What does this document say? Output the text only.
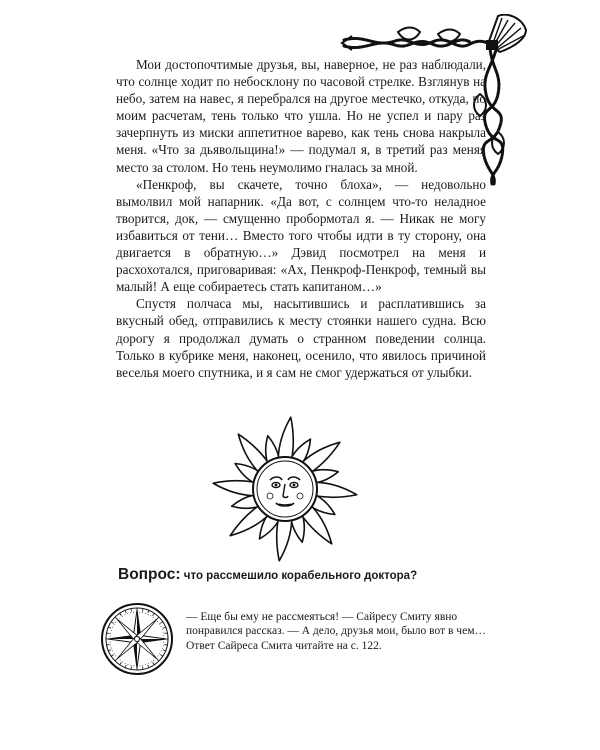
Мои достопочтимые друзья, вы, наверное, не раз наблюдали, что солнце ходит по небосклону по часовой стрелке. Взглянув на небо, затем на навес, я перебрался на другое местечко, откуда, по моим расчетам, тень только что ушла. Но не успел и пару раз зачерпнуть из миски аппетитное варево, как тень снова накрыла меня. «Что за дьявольщина!» — подумал я, в третий раз меняя место за столом. Но тень неумолимо гналась за мной.

«Пенкроф, вы скачете, точно блоха», — недовольно вымолвил мой напарник. «Да вот, с солнцем что-то неладное творится, док, — смущенно пробормотал я. — Никак не могу избавиться от тени… Вместо того чтобы идти в ту сторону, она двигается в обратную…» Дэвид посмотрел на меня и расхохотался, приговаривая: «Ах, Пенкроф-Пенкроф, темный вы малый! А еще собираетесь стать капитаном…»

Спустя полчаса мы, насытившись и расплатившись за вкусный обед, отправились к месту стоянки нашего судна. Всю дорогу я продолжал думать о странном поведении солнца. Только в кубрике меня, наконец, осенило, что явилось причиной веселья моего спутника, и я сам не смог удержаться от улыбки.

Вопрос: что рассмешило корабельного доктора?

— Еще бы ему не рассмеяться! — Сайресу Смиту явно понравился рассказ. — А дело, друзья мои, было вот в чем…

Ответ Сайреса Смита читайте на с. 122.
